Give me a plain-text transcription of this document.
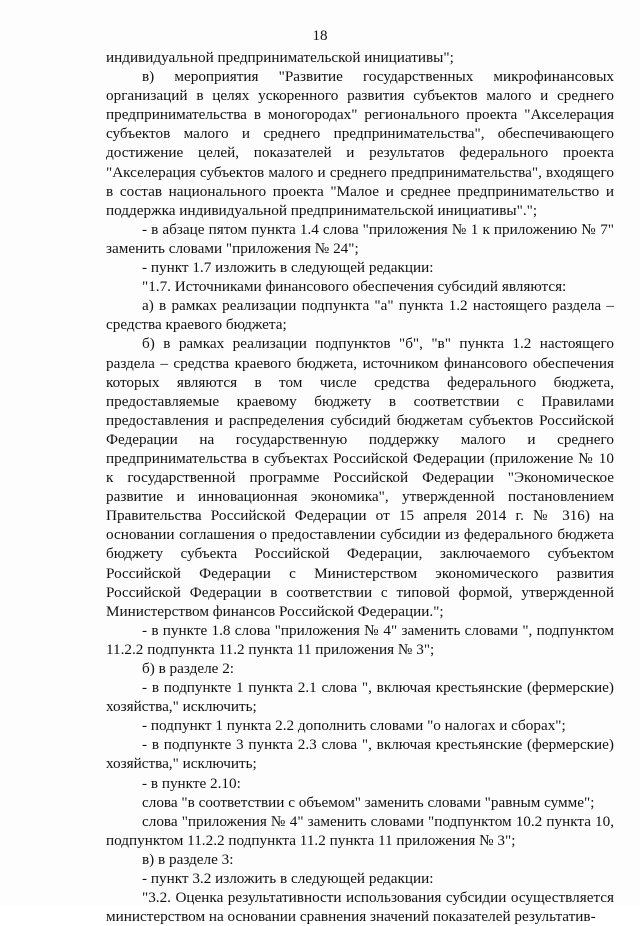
18

индивидуальной предпринимательской инициативы";

в) мероприятия "Развитие государственных микрофинансовых организаций в целях ускоренного развития субъектов малого и среднего предпринимательства в моногородах" регионального проекта "Акселерация субъектов малого и среднего предпринимательства", обеспечивающего достижение целей, показателей и результатов федерального проекта "Акселерация субъектов малого и среднего предпринимательства", входящего в состав национального проекта "Малое и среднее предпринимательство и поддержка индивидуальной предпринимательской инициативы".";

- в абзаце пятом пункта 1.4 слова "приложения № 1 к приложению № 7" заменить словами "приложения № 24";

- пункт 1.7 изложить в следующей редакции:

"1.7. Источниками финансового обеспечения субсидий являются:

а) в рамках реализации подпункта "а" пункта 1.2 настоящего раздела – средства краевого бюджета;

б) в рамках реализации подпунктов "б", "в" пункта 1.2 настоящего раздела – средства краевого бюджета, источником финансового обеспечения которых являются в том числе средства федерального бюджета, предоставляемые краевому бюджету в соответствии с Правилами предоставления и распределения субсидий бюджетам субъектов Российской Федерации на государственную поддержку малого и среднего предпринимательства в субъектах Российской Федерации (приложение № 10 к государственной программе Российской Федерации "Экономическое развитие и инновационная экономика", утвержденной постановлением Правительства Российской Федерации от 15 апреля 2014 г. № 316) на основании соглашения о предоставлении субсидии из федерального бюджета бюджету субъекта Российской Федерации, заключаемого субъектом Российской Федерации с Министерством экономического развития Российской Федерации в соответствии с типовой формой, утвержденной Министерством финансов Российской Федерации.";

- в пункте 1.8 слова "приложения № 4" заменить словами ", подпунктом 11.2.2 подпункта 11.2 пункта 11 приложения № 3";

б) в разделе 2:

- в подпункте 1 пункта 2.1 слова ", включая крестьянские (фермерские) хозяйства," исключить;

- подпункт 1 пункта 2.2 дополнить словами "о налогах и сборах";

- в подпункте 3 пункта 2.3 слова ", включая крестьянские (фермерские) хозяйства," исключить;

- в пункте 2.10:

слова "в соответствии с объемом" заменить словами "равным сумме";

слова "приложения № 4" заменить словами "подпунктом 10.2 пункта 10, подпунктом 11.2.2 подпункта 11.2 пункта 11 приложения № 3";

в) в разделе 3:

- пункт 3.2 изложить в следующей редакции:

"3.2. Оценка результативности использования субсидии осуществляется министерством на основании сравнения значений показателей результатив-
